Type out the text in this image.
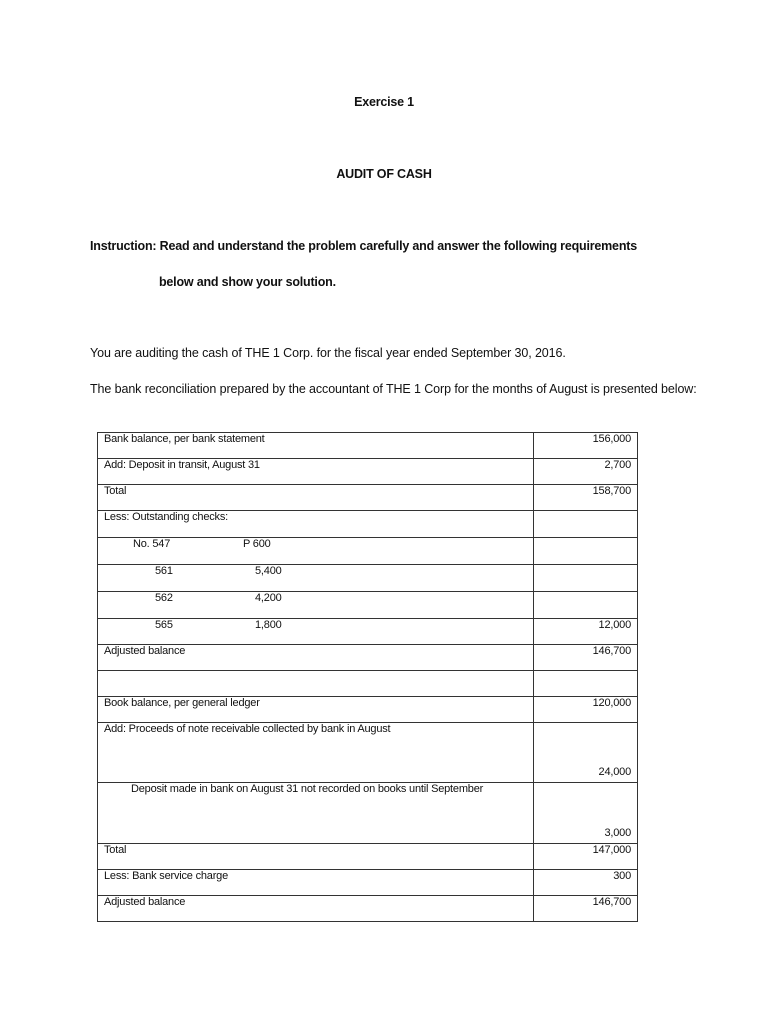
Exercise 1
AUDIT OF CASH
Instruction: Read and understand the problem carefully and answer the following requirements
below and show your solution.
You are auditing the cash of THE 1 Corp. for the fiscal year ended September 30, 2016.
The bank reconciliation prepared by the accountant of THE 1 Corp for the months of August is presented below:
Bank balance, per bank statement	156,000
Add: Deposit in transit, August 31	2,700
Total	158,700
Less: Outstanding checks:	
No. 547 P 600	
561 5,400	
562 4,200	
565 1,800	12,000
Adjusted balance	146,700

Book balance, per general ledger	120,000
Add: Proceeds of note receivable collected by bank in August	24,000
Deposit made in bank on August 31 not recorded on books until September	3,000
Total	147,000
Less: Bank service charge	300
Adjusted balance	146,700
